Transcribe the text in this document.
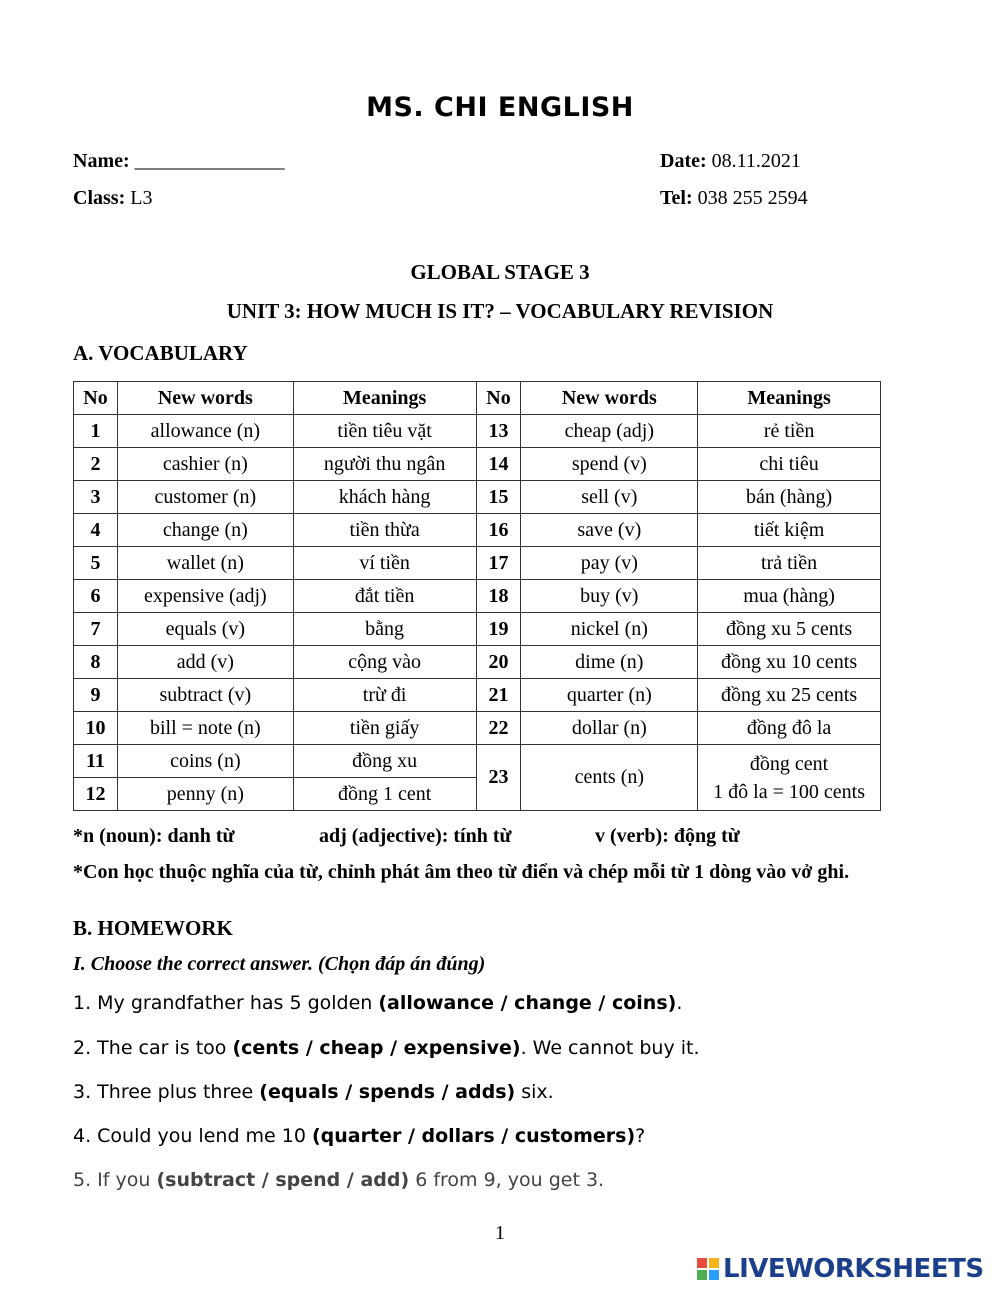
MS. CHI ENGLISH
Name: _______________	Date: 08.11.2021
Class: L3	Tel: 038 255 2594
GLOBAL STAGE 3
UNIT 3: HOW MUCH IS IT? – VOCABULARY REVISION
A. VOCABULARY
No	New words	Meanings	No	New words	Meanings
1	allowance (n)	tiền tiêu vặt	13	cheap (adj)	rẻ tiền
2	cashier (n)	người thu ngân	14	spend (v)	chi tiêu
3	customer (n)	khách hàng	15	sell (v)	bán (hàng)
4	change (n)	tiền thừa	16	save (v)	tiết kiệm
5	wallet (n)	ví tiền	17	pay (v)	trả tiền
6	expensive (adj)	đắt tiền	18	buy (v)	mua (hàng)
7	equals (v)	bằng	19	nickel (n)	đồng xu 5 cents
8	add (v)	cộng vào	20	dime (n)	đồng xu 10 cents
9	subtract (v)	trừ đi	21	quarter (n)	đồng xu 25 cents
10	bill = note (n)	tiền giấy	22	dollar (n)	đồng đô la
11	coins (n)	đồng xu	23	cents (n)	đồng cent
1 đô la = 100 cents

12	penny (n)	đồng 1 cent			
*n (noun): danh từ	adj (adjective): tính từ	v (verb): động từ
*Con học thuộc nghĩa của từ, chỉnh phát âm theo từ điển và chép mỗi từ 1 dòng vào vở ghi.
B. HOMEWORK
I. Choose the correct answer. (Chọn đáp án đúng)
1. My grandfather has 5 golden (allowance / change / coins).
2. The car is too (cents / cheap / expensive). We cannot buy it.
3. Three plus three (equals / spends / adds) six.
4. Could you lend me 10 (quarter / dollars / customers)?
5. If you (subtract / spend / add) 6 from 9, you get 3.
1
LIVEWORKSHEETS
